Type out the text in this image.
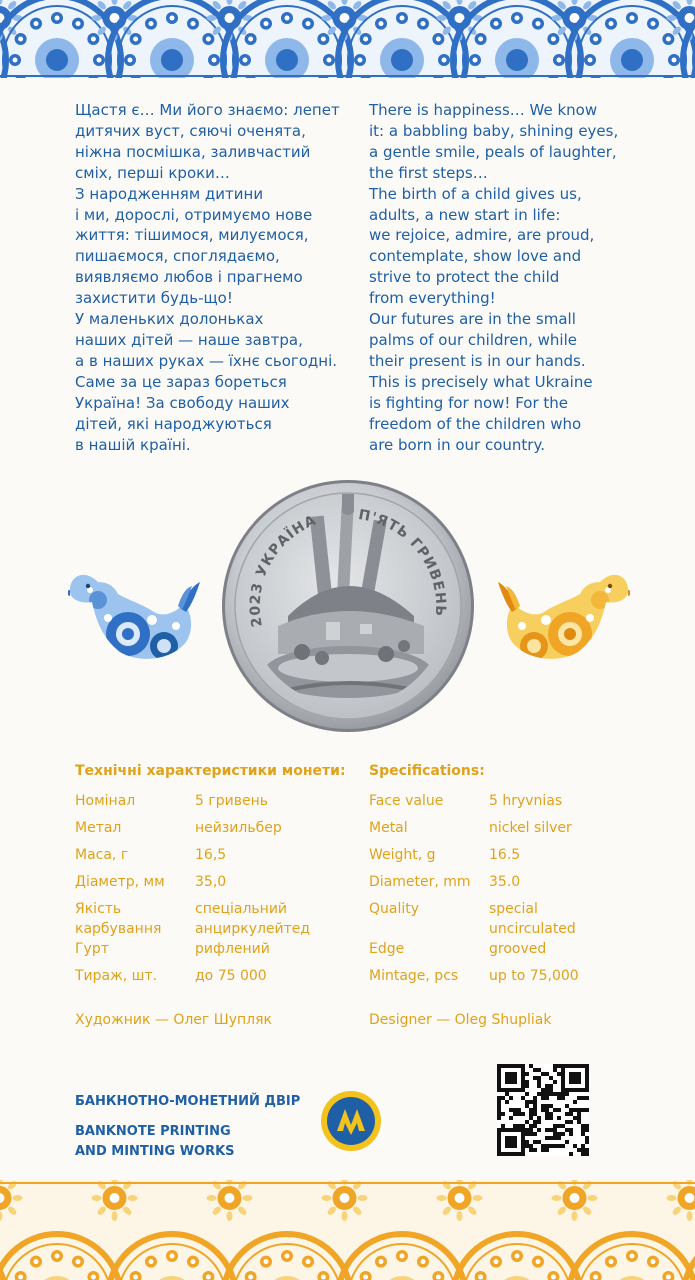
Щастя є… Ми його знаємо: лепет

дитячих вуст, сяючі оченята,

ніжна посмішка, заливчастий

сміх, перші кроки…

З народженням дитини

і ми, дорослі, отримуємо нове

життя: тішимося, милуємося,

пишаємося, споглядаємо,

виявляємо любов і прагнемо

захистити будь-що!

У маленьких долоньках

наших дітей — наше завтра,

а в наших руках — їхнє сьогодні.

Саме за це зараз бореться

Україна! За свободу наших

дітей, які народжуються

в нашій країні.

There is happiness… We know

it: a babbling baby, shining eyes,

a gentle smile, peals of laughter,

the first steps…

The birth of a child gives us,

adults, a new start in life:

we rejoice, admire, are proud,

contemplate, show love and

strive to protect the child

from everything!

Our futures are in the small

palms of our children, while

their present is in our hands.

This is precisely what Ukraine

is fighting for now! For the

freedom of the children who

are born in our country.

2023 УКРАЇНА	П'ЯТЬ ГРИВЕНЬ
Технічні характеристики монети:
Номінал	5 гривень
Метал	нейзильбер
Маса, г	16,5
Діаметр, мм	35,0
Якість карбування	спеціальний анциркулейтед
Гурт	рифлений
Тираж, шт.	до 75 000
Specifications:
Face value	5 hryvnias
Metal	nickel silver
Weight, g	16.5
Diameter, mm	35.0
Quality	special uncirculated
Edge	grooved
Mintage, pcs	up to 75,000
Художник — Олег Шупляк	Designer — Oleg Shupliak
БАНКНОТНО-МОНЕТНИЙ ДВІР
BANKNOTE PRINTING
AND MINTING WORKS
